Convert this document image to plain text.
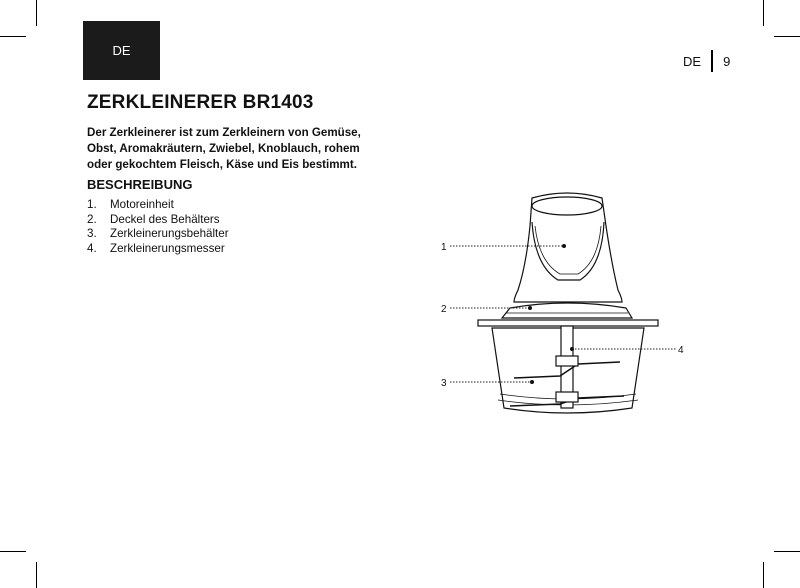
DE
DE 9
ZERKLEINERER BR1403

Der Zerkleinerer ist zum Zerkleinern von Gemüse, Obst, Aromakräutern, Zwiebel, Knoblauch, rohem oder gekochtem Fleisch, Käse und Eis bestimmt.

BESCHREIBUNG
1.	Motoreinheit
2.	Deckel des Behälters
3.	Zerkleinerungsbehälter
4.	Zerkleinerungsmesser	1
2
3
4
